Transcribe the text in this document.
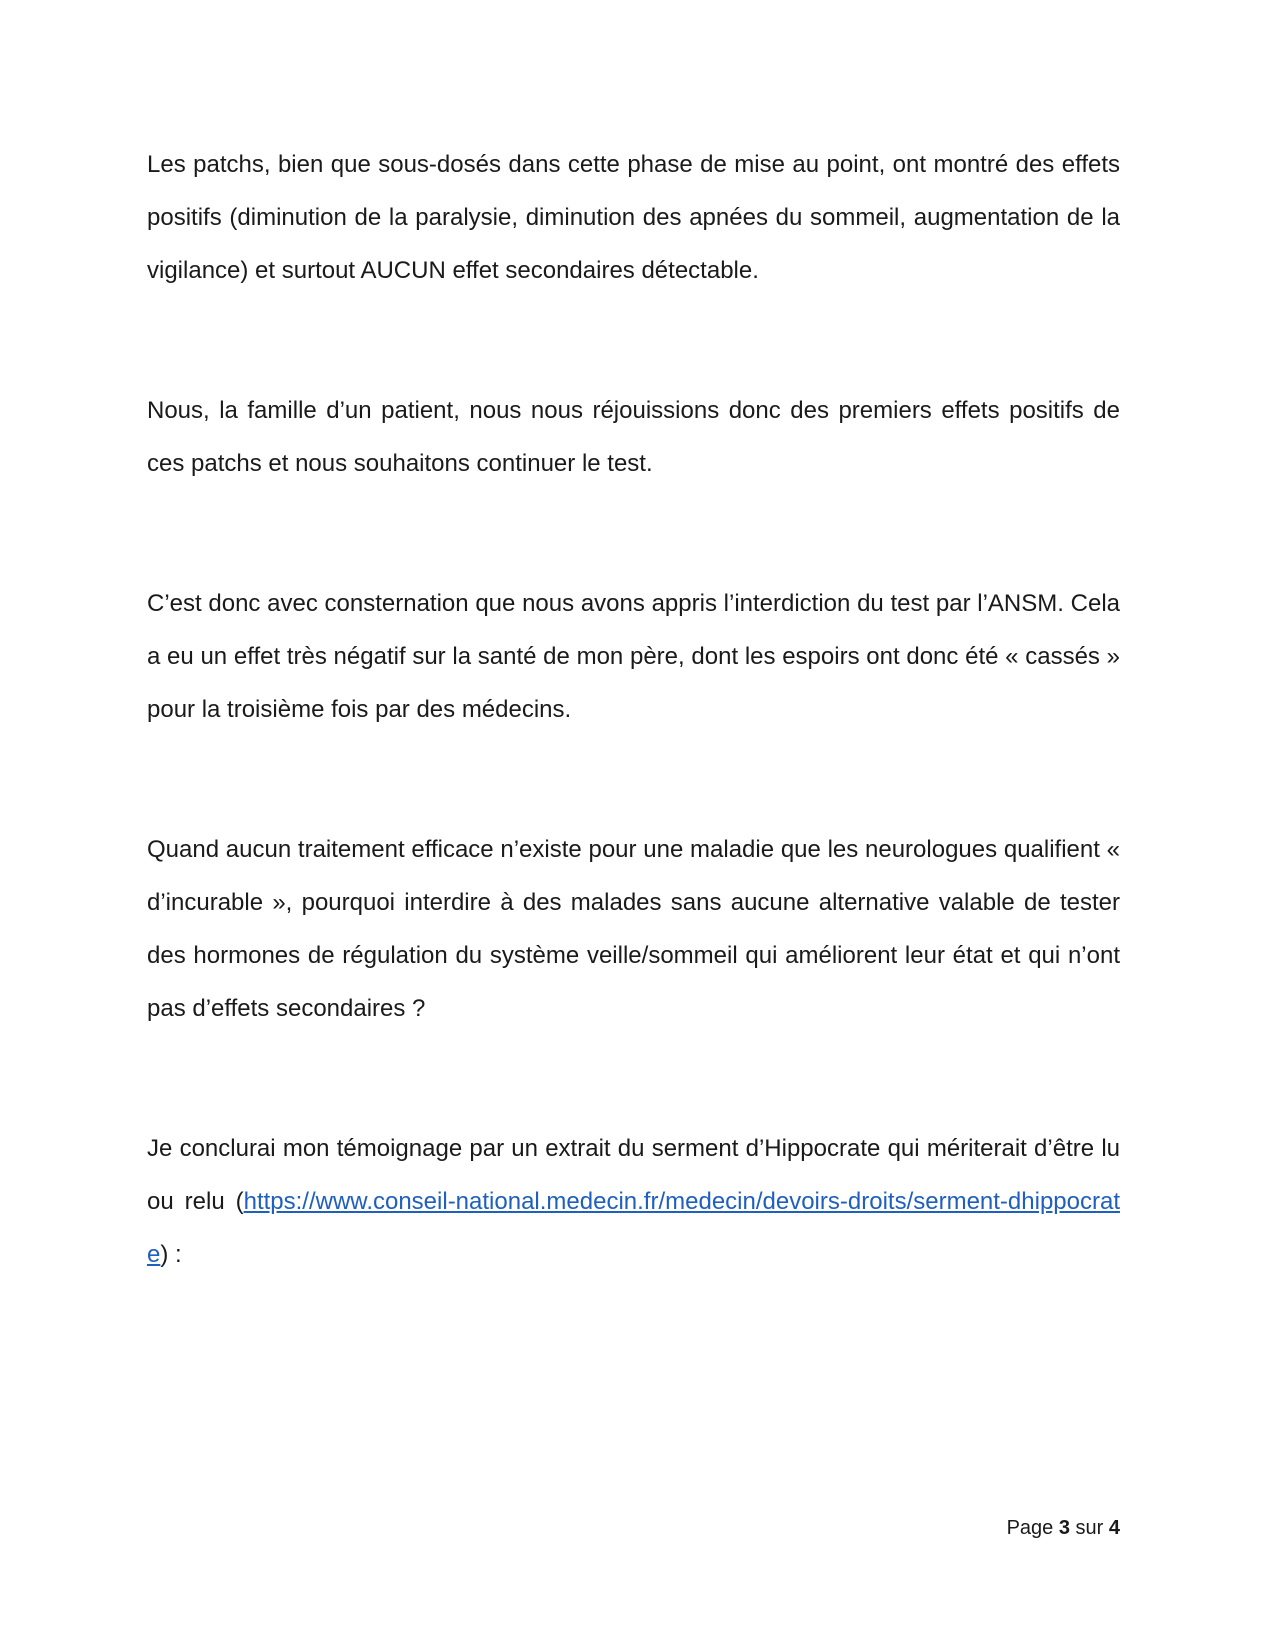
Les patchs, bien que sous-dosés dans cette phase de mise au point, ont montré des effets positifs (diminution de la paralysie, diminution des apnées du sommeil, augmentation de la vigilance) et surtout AUCUN effet secondaires détectable.

Nous, la famille d’un patient, nous nous réjouissions donc des premiers effets positifs de ces patchs et nous souhaitons continuer le test.

C’est donc avec consternation que nous avons appris l’interdiction du test par l’ANSM. Cela a eu un effet très négatif sur la santé de mon père, dont les espoirs ont donc été « cassés » pour la troisième fois par des médecins.

Quand aucun traitement efficace n’existe pour une maladie que les neurologues qualifient « d’incurable », pourquoi interdire à des malades sans aucune alternative valable de tester des hormones de régulation du système veille/sommeil qui améliorent leur état et qui n’ont pas d’effets secondaires ?

Je conclurai mon témoignage par un extrait du serment d’Hippocrate qui mériterait d’être lu ou relu (https://www.conseil-national.medecin.fr/medecin/devoirs-droits/serment-dhippocrate) :

Page 3 sur 4
